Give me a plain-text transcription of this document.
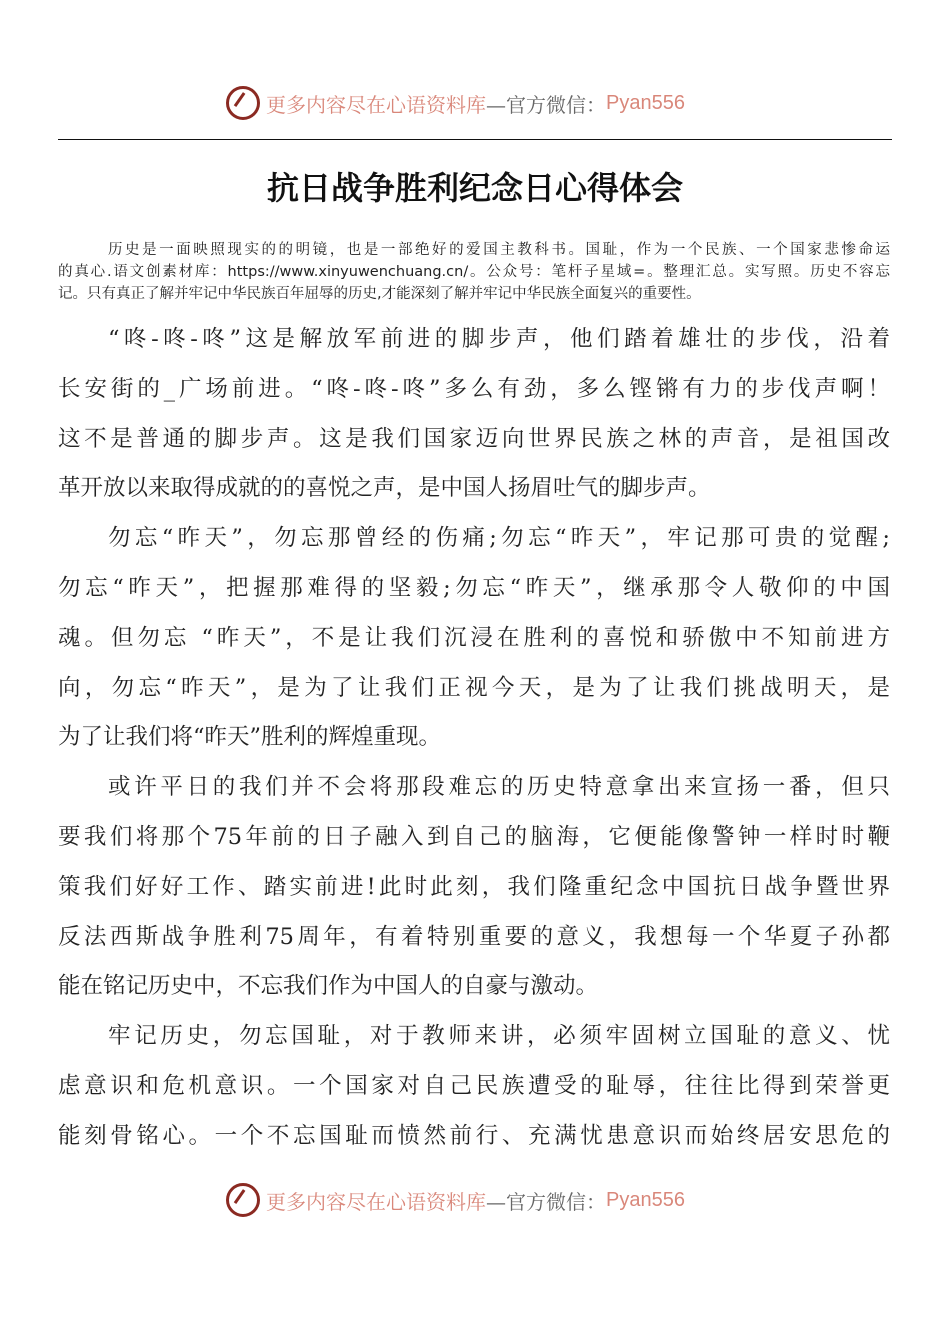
更多内容尽在心语资料库 —官方微信： Pyan556
抗日战争胜利纪念日心得体会
历史是一面映照现实的的明镜，也是一部绝好的爱国主教科书。国耻，作为一个民族、一个国家悲惨命运
的真心.语文创素材库：https://www.xinyuwenchuang.cn/。公众号：笔杆子星域=。整理汇总。实写照。历史不容忘
记。只有真正了解并牢记中华民族百年屈辱的历史,才能深刻了解并牢记中华民族全面复兴的重要性。
“咚-咚-咚”这是解放军前进的脚步声，他们踏着雄壮的步伐，沿着
长安街的_广场前进。“咚-咚-咚”多么有劲，多么铿锵有力的步伐声啊！
这不是普通的脚步声。这是我们国家迈向世界民族之林的声音，是祖国改
革开放以来取得成就的的喜悦之声，是中国人扬眉吐气的脚步声。
勿忘“昨天”，勿忘那曾经的伤痛;勿忘“昨天”，牢记那可贵的觉醒;
勿忘“昨天”，把握那难得的坚毅;勿忘“昨天”，继承那令人敬仰的中国
魂。但勿忘 “昨天”，不是让我们沉浸在胜利的喜悦和骄傲中不知前进方
向，勿忘“昨天”，是为了让我们正视今天，是为了让我们挑战明天，是
为了让我们将“昨天”胜利的辉煌重现。
或许平日的我们并不会将那段难忘的历史特意拿出来宣扬一番，但只
要我们将那个75年前的日子融入到自己的脑海，它便能像警钟一样时时鞭
策我们好好工作、踏实前进!此时此刻，我们隆重纪念中国抗日战争暨世界
反法西斯战争胜利75周年，有着特别重要的意义，我想每一个华夏子孙都
能在铭记历史中，不忘我们作为中国人的自豪与激动。
牢记历史，勿忘国耻，对于教师来讲，必须牢固树立国耻的意义、忧
虑意识和危机意识。一个国家对自己民族遭受的耻辱，往往比得到荣誉更
能刻骨铭心。一个不忘国耻而愤然前行、充满忧患意识而始终居安思危的
更多内容尽在心语资料库 —官方微信： Pyan556
